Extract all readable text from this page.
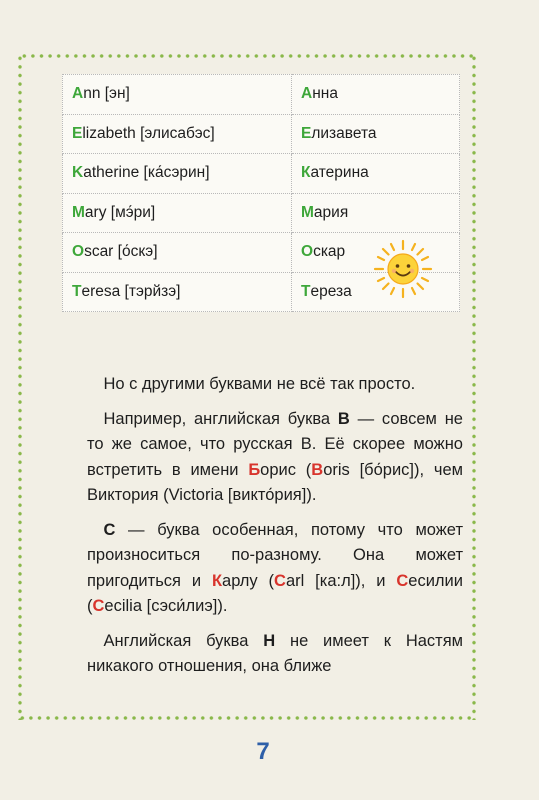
Ann [эн]	Анна
Elizabeth [элисабэс]	Елизавета
Katherine [ка́сэрин]	Катерина
Mary [мэ́ри]	Мария
Oscar [о́скэ]	Оскар
Teresa [тэрйзэ]	Тереза

 Но с другими буквами не всё так просто.

 Например, английская буква B — совсем не то же самое, что русская В. Её скорее можно встретить в имени Борис (Boris [бо́рис]), чем Виктория (Victoria [викто́рия]).

 C — буква особенная, потому что может произноситься по-разному. Она может пригодиться и Карлу (Carl [ка:л]), и Сесилии (Cecilia [сэси́лиэ]).

 Английская буква H не имеет к Настям никакого отношения, она ближе

7
